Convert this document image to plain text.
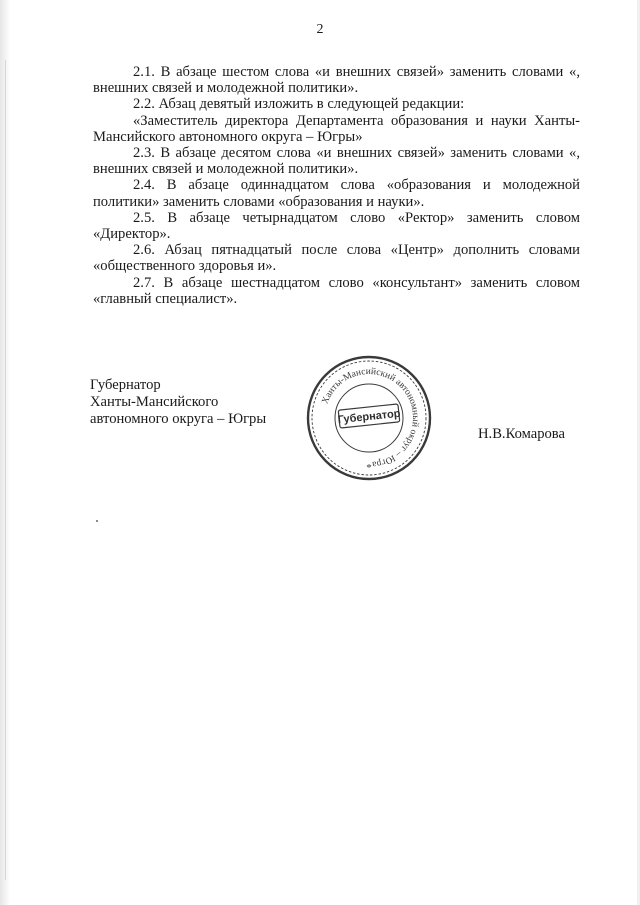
2

2.1. В абзаце шестом слова «и внешних связей» заменить словами «, внешних связей и молодежной политики».

2.2. Абзац девятый изложить в следующей редакции:

«Заместитель директора Департамента образования и науки Ханты-Мансийского автономного округа – Югры»

2.3. В абзаце десятом слова «и внешних связей» заменить словами «, внешних связей и молодежной политики».

2.4. В абзаце одиннадцатом слова «образования и молодежной политики» заменить словами «образования и науки».

2.5. В абзаце четырнадцатом слово «Ректор» заменить словом «Директор».

2.6. Абзац пятнадцатый после слова «Центр» дополнить словами «общественного здоровья и».

2.7. В абзаце шестнадцатом слово «консультант» заменить словом «главный специалист».

Губернатор
Ханты-Мансийского
автономного округа – Югры
Ханты-Мансийский автономный округ – Югра
Губернатор
*
Н.В.Комарова
